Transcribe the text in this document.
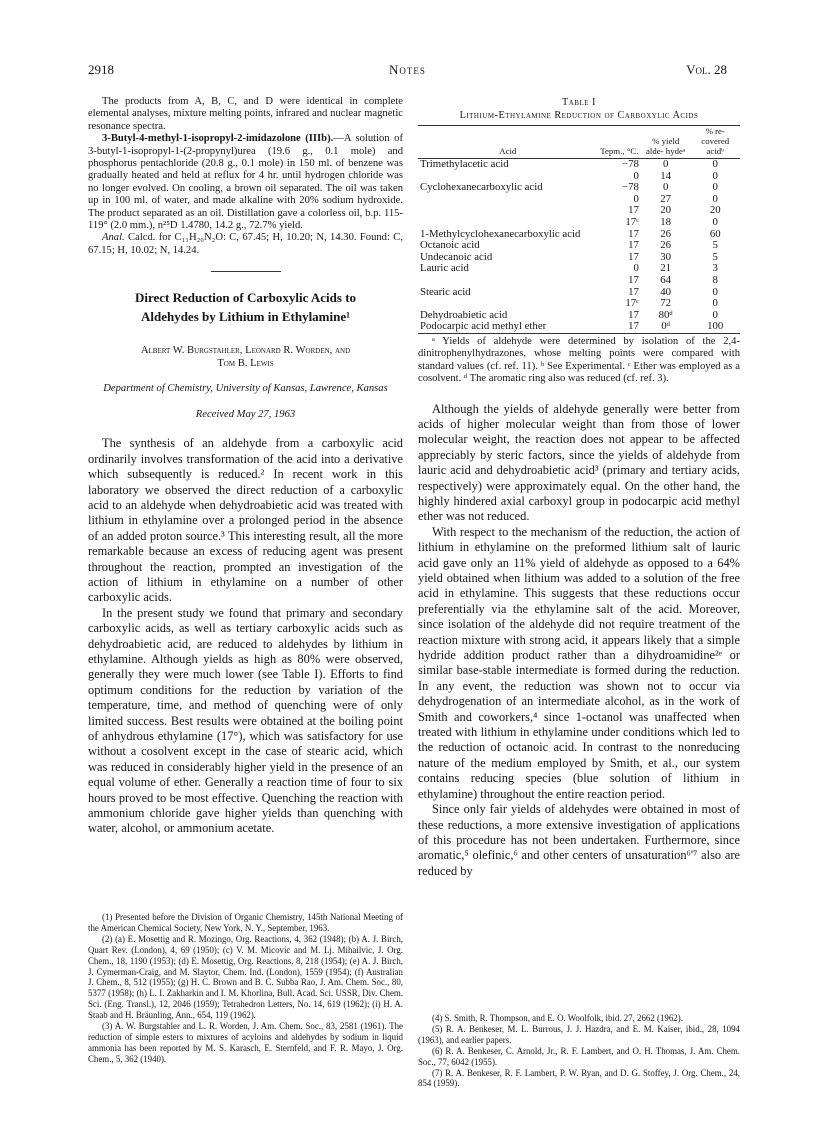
2918	Notes	Vol. 28

The products from A, B, C, and D were identical in complete elemental analyses, mixture melting points, infrared and nuclear magnetic resonance spectra.

3-Butyl-4-methyl-1-isopropyl-2-imidazolone (IIIb).—A solution of 3-butyl-1-isopropyl-1-(2-propynyl)urea (19.6 g., 0.1 mole) and phosphorus pentachloride (20.8 g., 0.1 mole) in 150 ml. of benzene was gradually heated and held at reflux for 4 hr. until hydrogen chloride was no longer evolved. On cooling, a brown oil separated. The oil was taken up in 100 ml. of water, and made alkaline with 20% sodium hydroxide. The product separated as an oil. Distillation gave a colorless oil, b.p. 115-119° (2.0 mm.), n²⁵D 1.4780, 14.2 g., 72.7% yield.

Anal. Calcd. for C₁₁H₂₀N₂O: C, 67.45; H, 10.20; N, 14.30. Found: C, 67.15; H, 10.02; N, 14.24.

Direct Reduction of Carboxylic Acids to
Aldehydes by Lithium in Ethylamine¹
Albert W. Burgstahler, Leonard R. Worden, and
Tom B. Lewis
Department of Chemistry, University of Kansas, Lawrence, Kansas
Received May 27, 1963

The synthesis of an aldehyde from a carboxylic acid ordinarily involves transformation of the acid into a derivative which subsequently is reduced.² In recent work in this laboratory we observed the direct reduction of a carboxylic acid to an aldehyde when dehydroabietic acid was treated with lithium in ethylamine over a prolonged period in the absence of an added proton source.³ This interesting result, all the more remarkable because an excess of reducing agent was present throughout the reaction, prompted an investigation of the action of lithium in ethylamine on a number of other carboxylic acids.

In the present study we found that primary and secondary carboxylic acids, as well as tertiary carboxylic acids such as dehydroabietic acid, are reduced to aldehydes by lithium in ethylamine. Although yields as high as 80% were observed, generally they were much lower (see Table I). Efforts to find optimum conditions for the reduction by variation of the temperature, time, and method of quenching were of only limited success. Best results were obtained at the boiling point of anhydrous ethylamine (17°), which was satisfactory for use without a cosolvent except in the case of stearic acid, which was reduced in considerably higher yield in the presence of an equal volume of ether. Generally a reaction time of four to six hours proved to be most effective. Quenching the reaction with ammonium chloride gave higher yields than quenching with water, alcohol, or ammonium acetate.

(1) Presented before the Division of Organic Chemistry, 145th National Meeting of the American Chemical Society, New York, N. Y., September, 1963.

(2) (a) E. Mosettig and R. Mozingo, Org. Reactions, 4, 362 (1948); (b) A. J. Birch, Quart Rev. (London), 4, 69 (1950); (c) V. M. Micovic and M. Lj. Mihailvic, J. Org. Chem., 18, 1190 (1953); (d) E. Mosettig, Org. Reactions, 8, 218 (1954); (e) A. J. Birch, J. Cymerman-Craig, and M. Slaytor, Chem. Ind. (London), 1559 (1954); (f) Australian J. Chem., 8, 512 (1955); (g) H. C. Brown and B. C. Subba Rao, J. Am. Chem. Soc., 80, 5377 (1958); (h) L. I. Zakharkin and I. M. Khorlina, Bull. Acad. Sci. USSR, Div. Chem. Sci. (Eng. Transl.), 12, 2046 (1959); Tetrahedron Letters, No. 14, 619 (1962); (i) H. A. Staab and H. Bräunling, Ann., 654, 119 (1962).

(3) A. W. Burgstahler and L. R. Worden, J. Am. Chem. Soc., 83, 2581 (1961). The reduction of simple esters to mixtures of acyloins and aldehydes by sodium in liquid ammonia has been reported by M. S. Karasch, E. Sternfeld, and F. R. Mayo, J. Org. Chem., 5, 362 (1940).

Table I
Lithium-Ethylamine Reduction of Carboxylic Acids
Acid	Tepm., °C.	% yield alde- hydeᵃ	% re- covered acidᵇ
Trimethylacetic acid	−78	0	0
	0	14	0
Cyclohexanecarboxylic acid	−78	0	0
	0	27	0
	17	20	20
	17ᶜ	18	0
1-Methylcyclohexanecarboxylic acid	17	26	60
Octanoic acid	17	26	5
Undecanoic acid	17	30	5
Lauric acid	0	21	3
	17	64	8
Stearic acid	17	40	0
	17ᶜ	72	0
Dehydroabietic acid	17	80ᵈ	0
Podocarpic acid methyl ether	17	0ᵈ	100

ᵃ Yields of aldehyde were determined by isolation of the 2,4-dinitrophenylhydrazones, whose melting points were compared with standard values (cf. ref. 11). ᵇ See Experimental. ᶜ Ether was employed as a cosolvent. ᵈ The aromatic ring also was reduced (cf. ref. 3).

Although the yields of aldehyde generally were better from acids of higher molecular weight than from those of lower molecular weight, the reaction does not appear to be affected appreciably by steric factors, since the yields of aldehyde from lauric acid and dehydroabietic acid³ (primary and tertiary acids, respectively) were approximately equal. On the other hand, the highly hindered axial carboxyl group in podocarpic acid methyl ether was not reduced.

With respect to the mechanism of the reduction, the action of lithium in ethylamine on the preformed lithium salt of lauric acid gave only an 11% yield of aldehyde as opposed to a 64% yield obtained when lithium was added to a solution of the free acid in ethylamine. This suggests that these reductions occur preferentially via the ethylamine salt of the acid. Moreover, since isolation of the aldehyde did not require treatment of the reaction mixture with strong acid, it appears likely that a simple hydride addition product rather than a dihydroamidine²ᵉ or similar base-stable intermediate is formed during the reduction. In any event, the reduction was shown not to occur via dehydrogenation of an intermediate alcohol, as in the work of Smith and coworkers,⁴ since 1-octanol was unaffected when treated with lithium in ethylamine under conditions which led to the reduction of octanoic acid. In contrast to the nonreducing nature of the medium employed by Smith, et al., our system contains reducing species (blue solution of lithium in ethylamine) throughout the entire reaction period.

Since only fair yields of aldehydes were obtained in most of these reductions, a more extensive investigation of applications of this procedure has not been undertaken. Furthermore, since aromatic,⁵ olefinic,⁶ and other centers of unsaturation⁶'⁷ also are reduced by

(4) S. Smith, R. Thompson, and E. O. Woolfolk, ibid. 27, 2662 (1962).

(5) R. A. Benkeser, M. L. Burrous, J. J. Hazdra, and E. M. Kaiser, ibid., 28, 1094 (1963), and earlier papers.

(6) R. A. Benkeser, C. Arnold, Jr., R. F. Lambert, and O. H. Thomas, J. Am. Chem. Soc., 77, 6042 (1955).

(7) R. A. Benkeser, R. F. Lambert, P. W. Ryan, and D. G. Stoffey, J. Org. Chem., 24, 854 (1959).
